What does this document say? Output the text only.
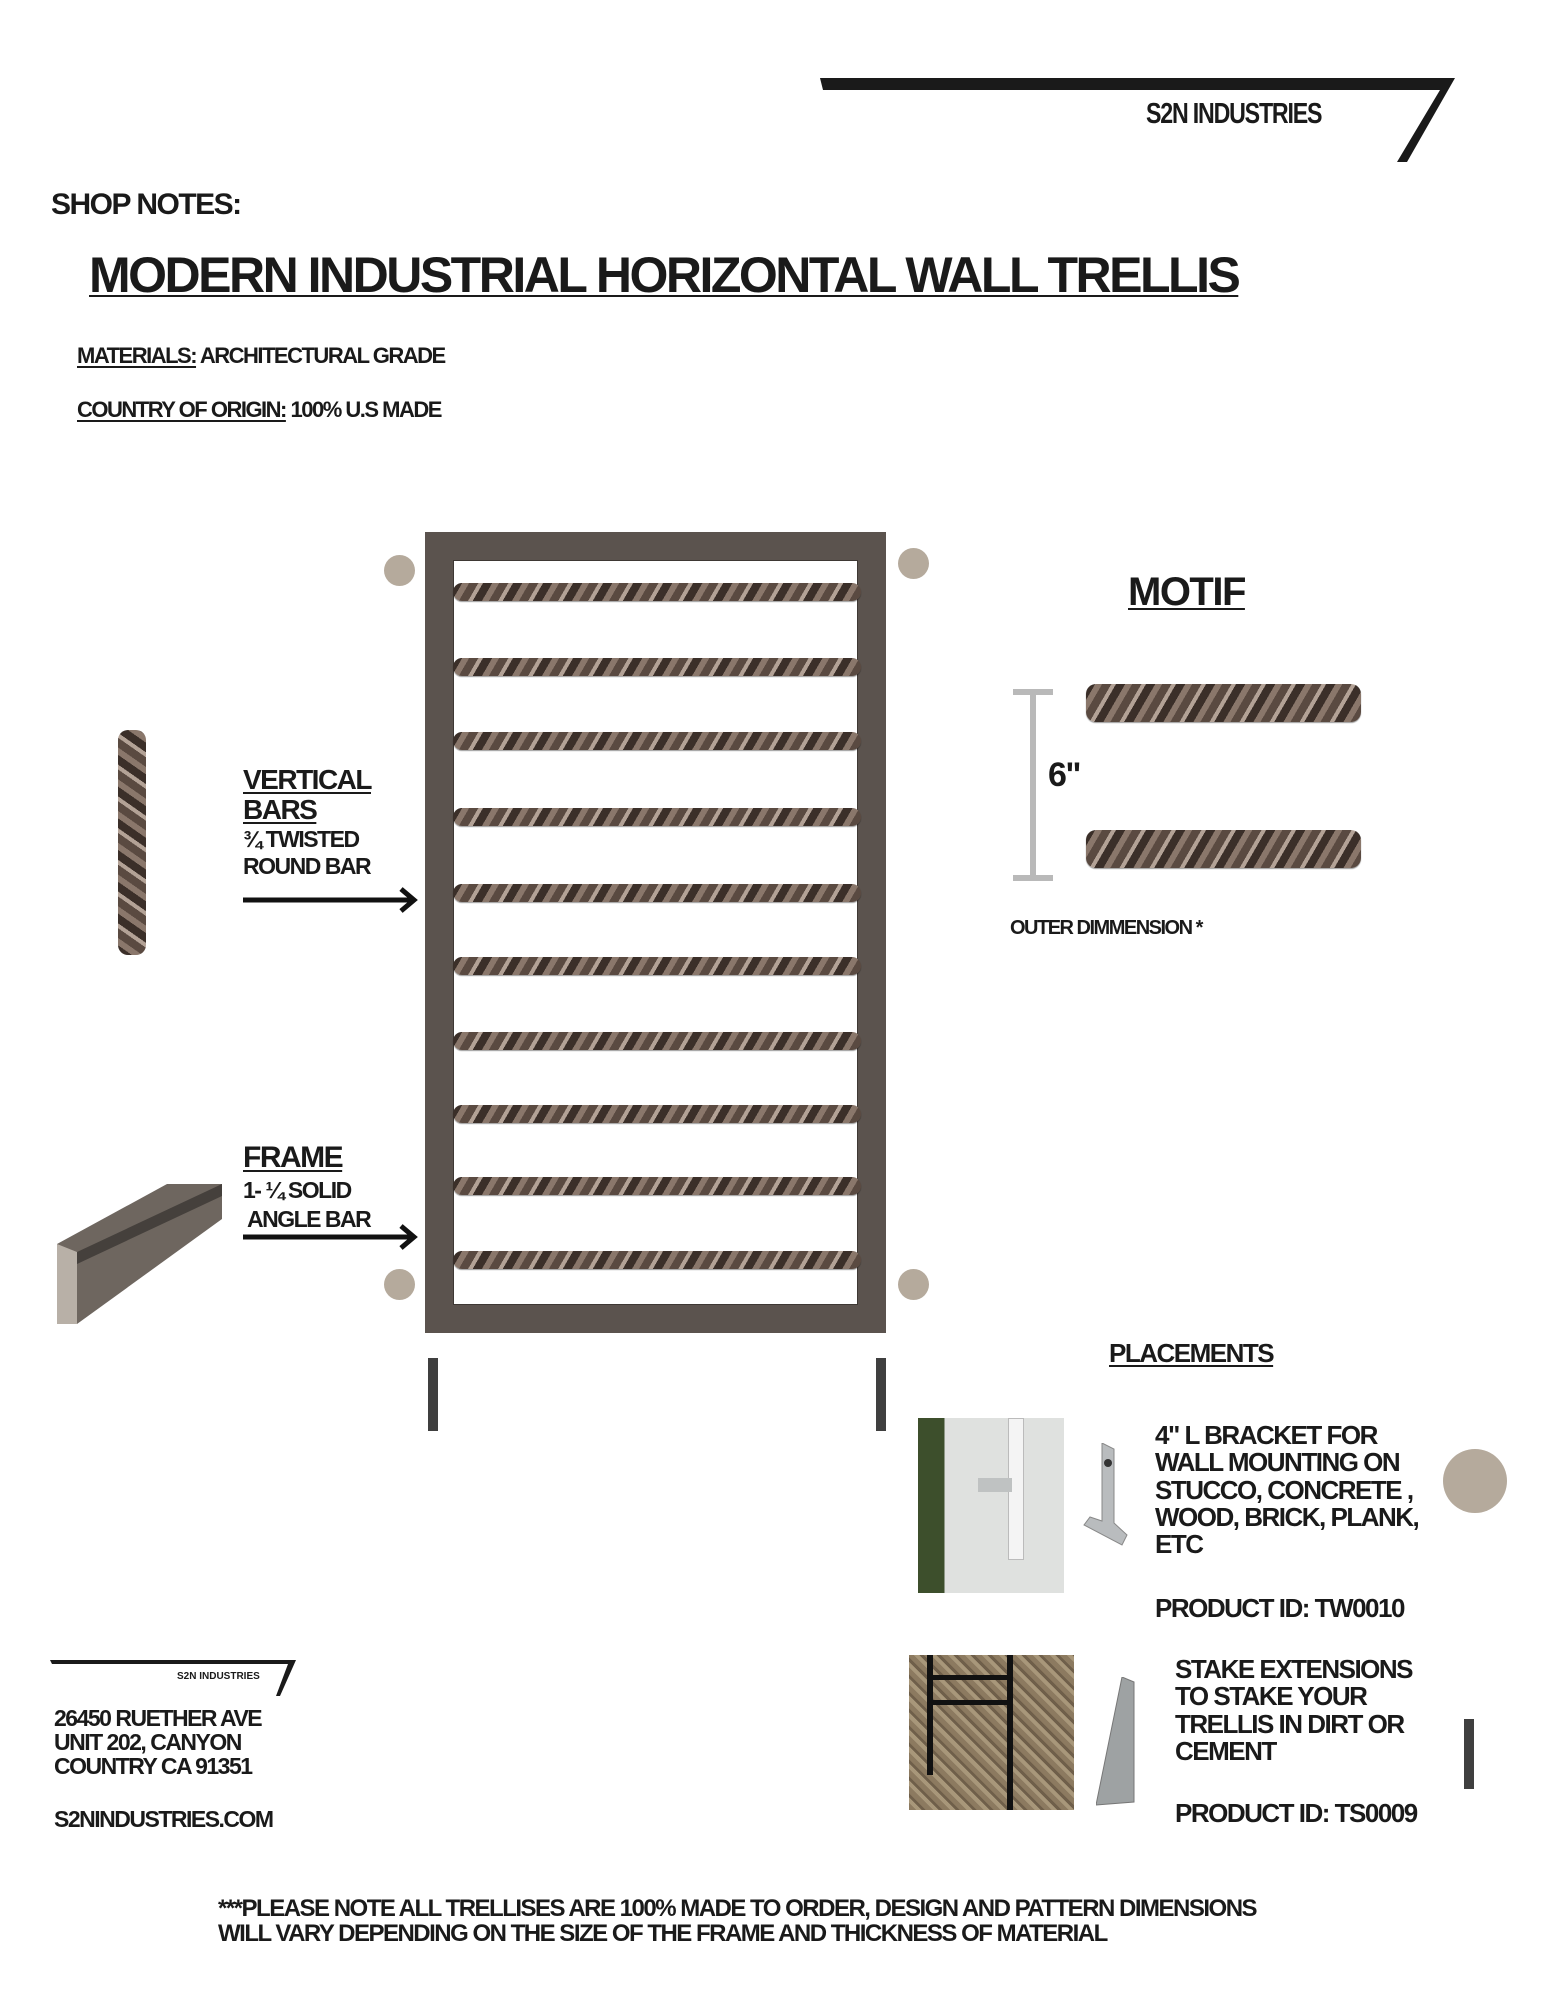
S2N INDUSTRIES
SHOP NOTES:
MODERN INDUSTRIAL HORIZONTAL WALL TRELLIS
MATERIALS: ARCHITECTURAL GRADE
COUNTRY OF ORIGIN: 100% U.S MADE
VERTICAL
BARS
¾ TWISTED
ROUND BAR
FRAME
1- ¼ SOLID
ANGLE BAR
MOTIF
6"
OUTER DIMMENSION *
PLACEMENTS
4" L BRACKET FOR
WALL MOUNTING ON
STUCCO, CONCRETE ,
WOOD, BRICK, PLANK,
ETC
PRODUCT ID: TW0010
STAKE EXTENSIONS
TO STAKE YOUR
TRELLIS IN DIRT OR
CEMENT
PRODUCT ID: TS0009
S2N INDUSTRIES
26450 RUETHER AVE
UNIT 202, CANYON
COUNTRY CA 91351
S2NINDUSTRIES.COM
***PLEASE NOTE ALL TRELLISES ARE 100% MADE TO ORDER, DESIGN AND PATTERN DIMENSIONS
WILL VARY DEPENDING ON THE SIZE OF THE FRAME AND THICKNESS OF MATERIAL
